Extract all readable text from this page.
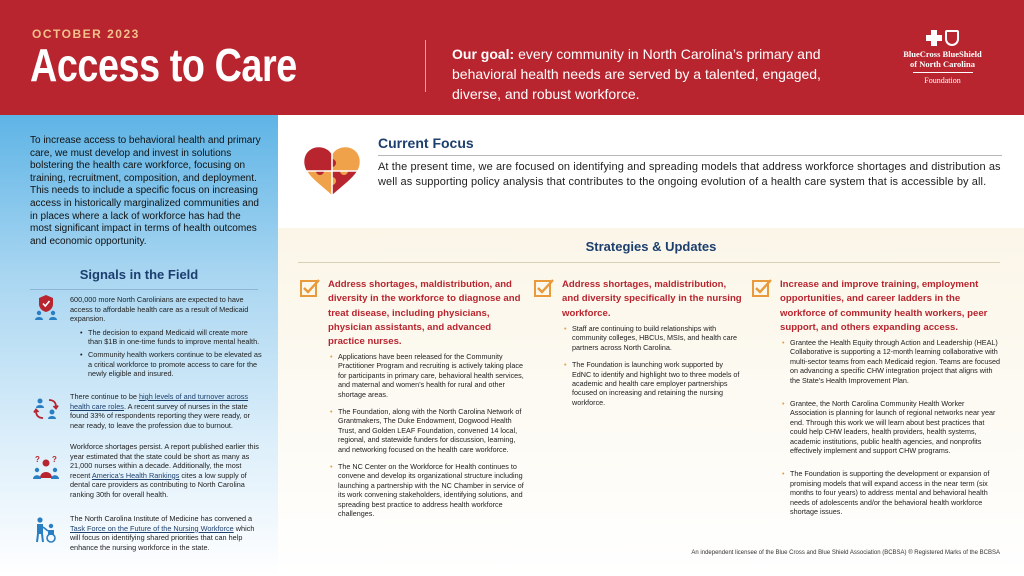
OCTOBER 2023
Access to Care	Our goal: every community in North Carolina’s primary and behavioral health needs are served by a talented, engaged, diverse, and robust workforce.
BlueCross BlueShield
of North Carolina
Foundation
To increase access to behavioral health and primary care, we must develop and invest in solutions bolstering the health care workforce, focusing on training, recruitment, composition, and deployment. This needs to include a specific focus on increasing access in historically marginalized communities and in places where a lack of workforce has had the most significant impact in terms of health outcomes and economic opportunity.
Signals in the Field
600,000 more North Carolinians are expected to have access to affordable health care as a result of Medicaid expansion.
• The decision to expand Medicaid will create more than $1B in one-time funds to improve mental health.
• Community health workers continue to be elevated as a critical workforce to promote access to care for the newly eligible and insured.
There continue to be high levels of and turnover across health care roles. A recent survey of nurses in the state found 33% of respondents reporting they were ready, or near ready, to leave the profession due to burnout.
? ?
Workforce shortages persist. A report published earlier this year estimated that the state could be short as many as 21,000 nurses within a decade. Additionally, the most recent America’s Health Rankings cites a low supply of dental care providers as contributing to North Carolina ranking 30th for overall health.
The North Carolina Institute of Medicine has convened a Task Force on the Future of the Nursing Workforce which will focus on identifying shared priorities that can help enhance the nursing workforce in the state.
Current Focus
At the present time, we are focused on identifying and spreading models that address workforce shortages and distribution as well as supporting policy analysis that contributes to the ongoing evolution of a health care system that is accessible by all.
Strategies & Updates
Address shortages, maldistribution, and diversity in the workforce to diagnose and treat disease, including physicians, physician assistants, and advanced practice nurses.
• Applications have been released for the Community Practitioner Program and recruiting is actively taking place for participants in primary care, behavioral health services, and maternal and women’s health for rural and other shortage areas.
• The Foundation, along with the North Carolina Network of Grantmakers, The Duke Endowment, Dogwood Health Trust, and Golden LEAF Foundation, convened 14 local, regional, and statewide funders for discussion, learning, and networking focused on the health care workforce.
• The NC Center on the Workforce for Health continues to convene and develop its organizational structure including launching a partnership with the NC Chamber in service of its work convening stakeholders, identifying solutions, and spreading best practice to address health workforce challenges.
Address shortages, maldistribution, and diversity specifically in the nursing workforce.
• Staff are continuing to build relationships with community colleges, HBCUs, MSIs, and health care partners across North Carolina.
• The Foundation is launching work supported by EdNC to identify and highlight two to three models of academic and health care employer partnerships focused on increasing and retaining the nursing workforce.
Increase and improve training, employment opportunities, and career ladders in the workforce of community health workers, peer support, and others expanding access.
• Grantee the Health Equity through Action and Leadership (HEAL) Collaborative is supporting a 12-month learning collaborative with multi-sector teams from each Medicaid region. Teams are focused on advancing a specific CHW integration project that aligns with the State’s Health Improvement Plan.
• Grantee, the North Carolina Community Health Worker Association is planning for launch of regional networks near year end. Through this work we will learn about best practices that could help CHW leaders, health providers, health systems, academic institutions, public health agencies, and nonprofits effectively implement and support CHW programs.
• The Foundation is supporting the development or expansion of promising models that will expand access in the near term (six months to four years) to address mental and behavioral health needs of adolescents and/or the behavioral health workforce shortage issues.
An independent licensee of the Blue Cross and Blue Shield Association (BCBSA) ® Registered Marks of the BCBSA
